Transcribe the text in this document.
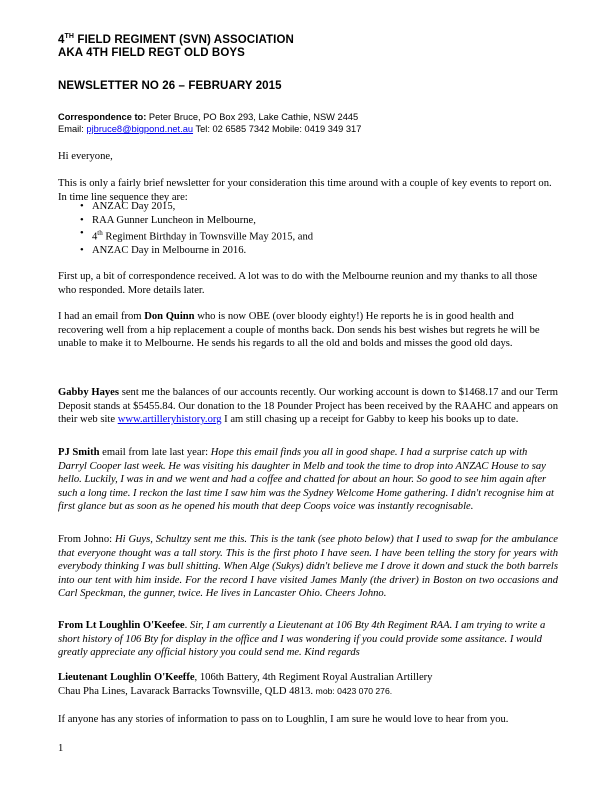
4TH FIELD REGIMENT (SVN) ASSOCIATION
AKA 4TH FIELD REGT OLD BOYS
NEWSLETTER NO 26 – FEBRUARY 2015
Correspondence to: Peter Bruce, PO Box 293, Lake Cathie, NSW 2445
Email: pjbruce8@bigpond.net.au Tel: 02 6585 7342 Mobile: 0419 349 317
Hi everyone,
This is only a fairly brief newsletter for your consideration this time around with a couple of key events to report on. In time line sequence they are:
• ANZAC Day 2015,
• RAA Gunner Luncheon in Melbourne,
• 4th Regiment Birthday in Townsville May 2015, and
• ANZAC Day in Melbourne in 2016.
First up, a bit of correspondence received. A lot was to do with the Melbourne reunion and my thanks to all those who responded. More details later.
I had an email from Don Quinn who is now OBE (over bloody eighty!) He reports he is in good health and recovering well from a hip replacement a couple of months back. Don sends his best wishes but regrets he will be unable to make it to Melbourne. He sends his regards to all the old and bolds and misses the good old days.
Gabby Hayes sent me the balances of our accounts recently. Our working account is down to $1468.17 and our Term Deposit stands at $5455.84. Our donation to the 18 Pounder Project has been received by the RAAHC and appears on their web site www.artilleryhistory.org I am still chasing up a receipt for Gabby to keep his books up to date.
PJ Smith email from late last year: Hope this email finds you all in good shape. I had a surprise catch up with Darryl Cooper last week. He was visiting his daughter in Melb and took the time to drop into ANZAC House to say hello. Luckily, I was in and we went and had a coffee and chatted for about an hour. So good to see him again after such a long time. I reckon the last time I saw him was the Sydney Welcome Home gathering. I didn't recognise him at first glance but as soon as he opened his mouth that deep Coops voice was instantly recognisable.
From Johno: Hi Guys, Schultzy sent me this. This is the tank (see photo below) that I used to swap for the ambulance that everyone thought was a tall story. This is the first photo I have seen. I have been telling the story for years with everybody thinking I was bull shitting. When Alge (Sukys) didn't believe me I drove it down and stuck the both barrels into our tent with him inside. For the record I have visited James Manly (the driver) in Boston on two occasions and Carl Speckman, the gunner, twice. He lives in Lancaster Ohio. Cheers Johno.
From Lt Loughlin O'Keefee. Sir, I am currently a Lieutenant at 106 Bty 4th Regiment RAA. I am trying to write a short history of 106 Bty for display in the office and I was wondering if you could provide some assitance. I would greatly appreciate any official history you could send me. Kind regards
Lieutenant Loughlin O'Keeffe, 106th Battery, 4th Regiment Royal Australian Artillery
Chau Pha Lines, Lavarack Barracks Townsville, QLD 4813. mob: 0423 070 276.
If anyone has any stories of information to pass on to Loughlin, I am sure he would love to hear from you.
1
